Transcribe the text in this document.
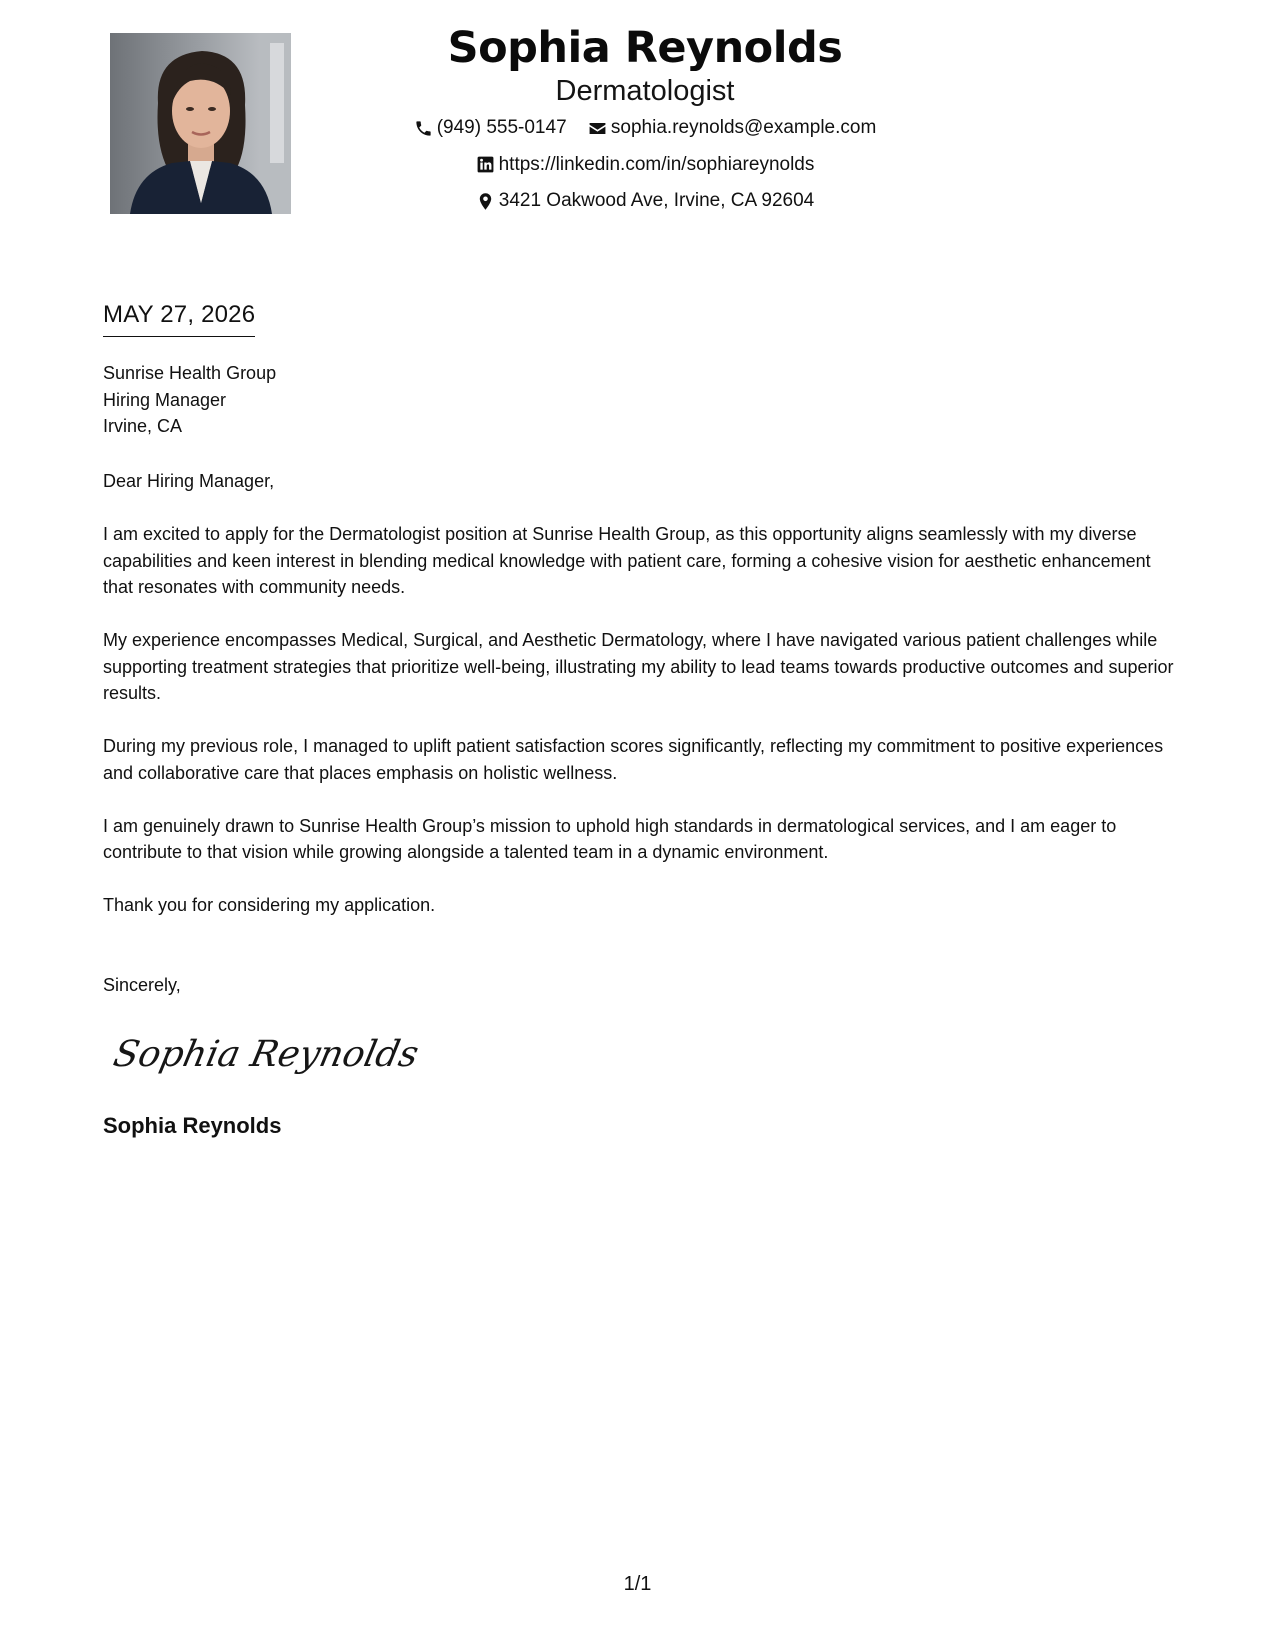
Sophia Reynolds
Dermatologist
(949) 555-0147
sophia.reynolds@example.com
https://linkedin.com/in/sophiareynolds
3421 Oakwood Ave, Irvine, CA 92604
MAY 27, 2026
Sunrise Health Group
Hiring Manager
Irvine, CA

Dear Hiring Manager,

I am excited to apply for the Dermatologist position at Sunrise Health Group, as this opportunity aligns seamlessly with my diverse capabilities and keen interest in blending medical knowledge with patient care, forming a cohesive vision for aesthetic enhancement that resonates with community needs.

My experience encompasses Medical, Surgical, and Aesthetic Dermatology, where I have navigated various patient challenges while supporting treatment strategies that prioritize well-being, illustrating my ability to lead teams towards productive outcomes and superior results.

During my previous role, I managed to uplift patient satisfaction scores significantly, reflecting my commitment to positive experiences and collaborative care that places emphasis on holistic wellness.

I am genuinely drawn to Sunrise Health Group’s mission to uphold high standards in dermatological services, and I am eager to contribute to that vision while growing alongside a talented team in a dynamic environment.

Thank you for considering my application.

Sincerely,
Sophia Reynolds
Sophia Reynolds
1/1
